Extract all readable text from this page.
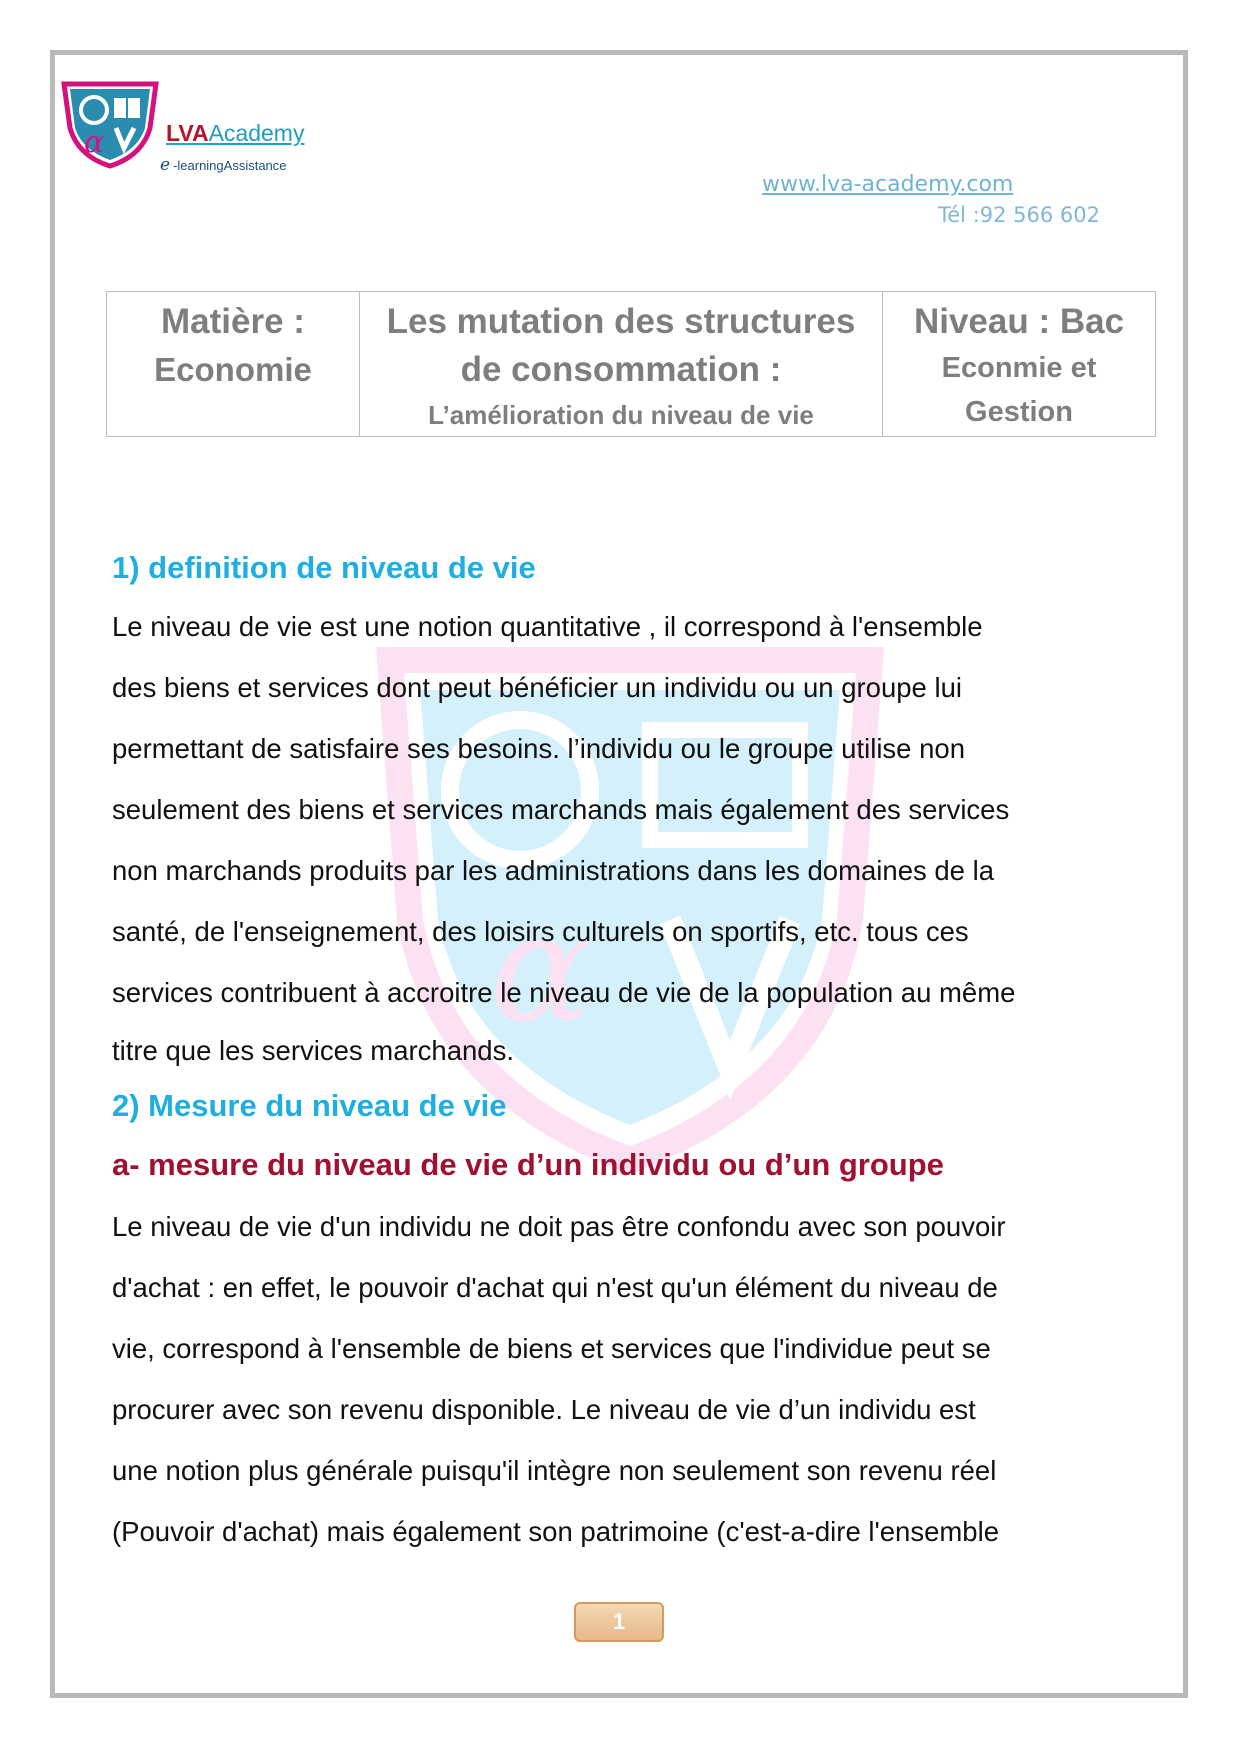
α
α	LVAAcademy
e -learningAssistance
www.lva-academy.com
Tél :92 566 602
Matière :
Economie

Les mutation des structures
de consommation :
L’amélioration du niveau de vie

Niveau : Bac
Econmie et
Gestion
1) definition de niveau de vie

Le niveau de vie est une notion quantitative , il correspond à l'ensemble

des biens et services dont peut bénéficier un individu ou un groupe lui

permettant de satisfaire ses besoins. l’individu ou le groupe utilise non

seulement des biens et services marchands mais également des services

non marchands produits par les administrations dans les domaines de la

santé, de l'enseignement, des loisirs culturels on sportifs, etc. tous ces

services contribuent à accroitre le niveau de vie de la population au même

titre que les services marchands.

2) Mesure du niveau de vie
a- mesure du niveau de vie d’un individu ou d’un groupe

Le niveau de vie d'un individu ne doit pas être confondu avec son pouvoir

d'achat : en effet, le pouvoir d'achat qui n'est qu'un élément du niveau de

vie, correspond à l'ensemble de biens et services que l'individue peut se

procurer avec son revenu disponible. Le niveau de vie d’un individu est

une notion plus générale puisqu'il intègre non seulement son revenu réel

(Pouvoir d'achat) mais également son patrimoine (c'est-a-dire l'ensemble

1
